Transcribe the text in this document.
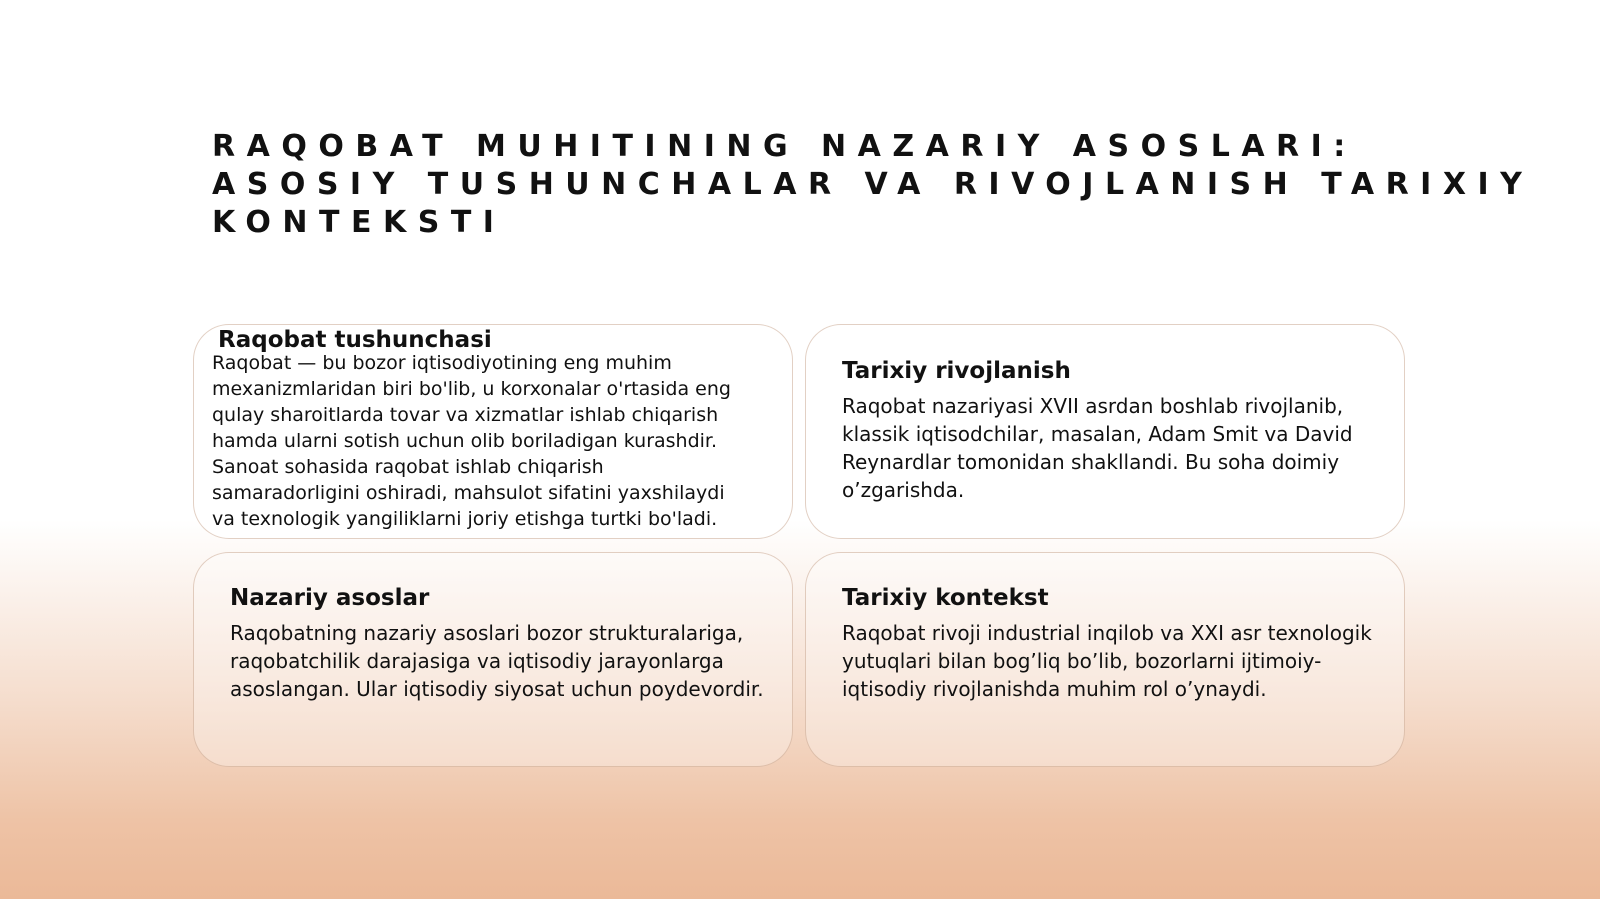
RAQOBAT MUHITINING NAZARIY ASOSLARI:
ASOSIY TUSHUNCHALAR VA RIVOJLANISH TARIXIY
KONTEKSTI
Nazariy asoslar

Raqobatning nazariy asoslari bozor strukturalariga, raqobatchilik darajasiga va iqtisodiy jarayonlarga asoslangan. Ular iqtisodiy siyosat uchun poydevordir.

Tarixiy kontekst

Raqobat rivoji industrial inqilob va XXI asr texnologik yutuqlari bilan bog’liq bo’lib, bozorlarni ijtimoiy-iqtisodiy rivojlanishda muhim rol o’ynaydi.

Tarixiy rivojlanish

Raqobat nazariyasi XVII asrdan boshlab rivojlanib, klassik iqtisodchilar, masalan, Adam Smit va David Reynardlar tomonidan shakllandi. Bu soha doimiy o’zgarishda.

Raqobat tushunchasi
Raqobat — bu bozor iqtisodiyotining eng muhim mexanizmlaridan biri bo'lib, u korxonalar o'rtasida eng qulay sharoitlarda tovar va xizmatlar ishlab chiqarish hamda ularni sotish uchun olib boriladigan kurashdir.
Sanoat sohasida raqobat ishlab chiqarish samaradorligini oshiradi, mahsulot sifatini yaxshilaydi va texnologik yangiliklarni joriy etishga turtki bo'ladi.
